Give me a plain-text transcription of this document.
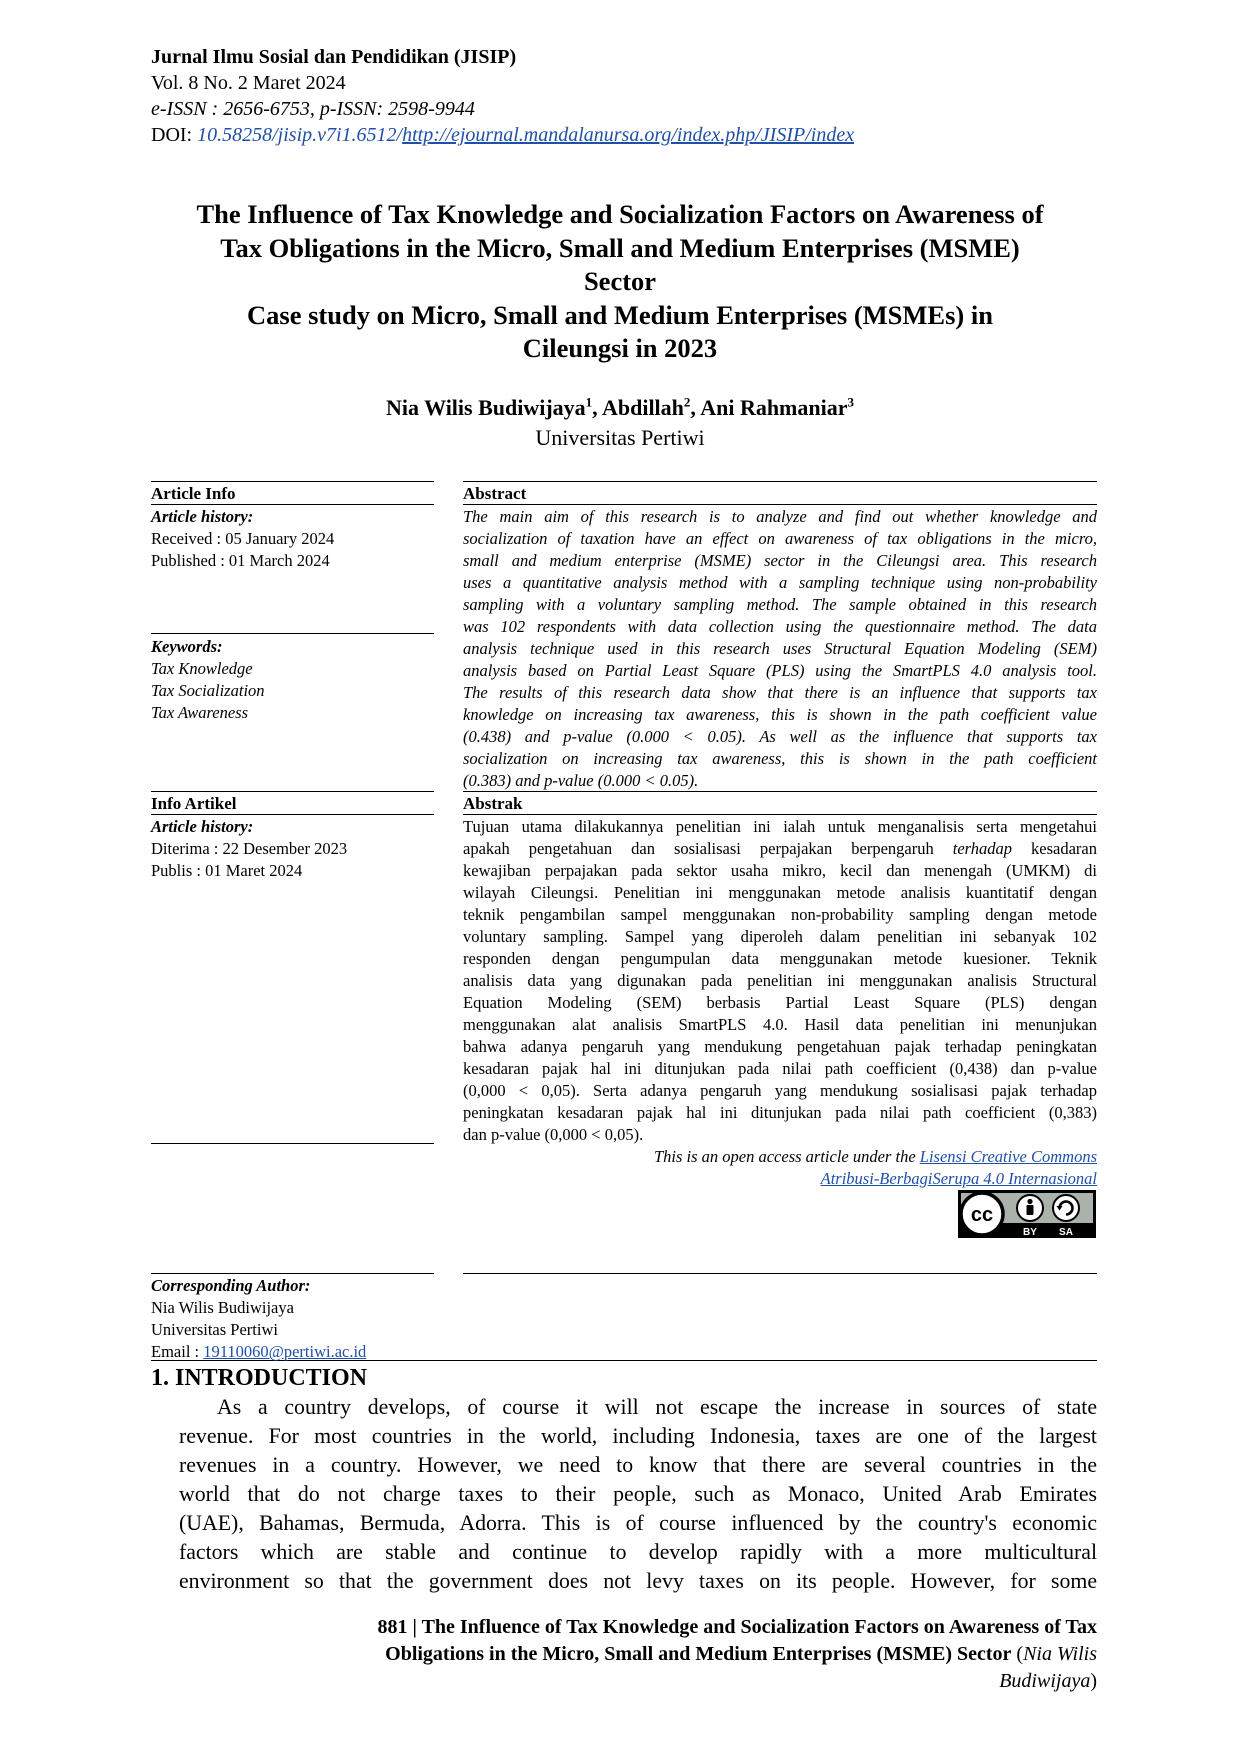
Jurnal Ilmu Sosial dan Pendidikan (JISIP)
Vol. 8 No. 2 Maret 2024
e-ISSN : 2656-6753, p-ISSN: 2598-9944
DOI: 10.58258/jisip.v7i1.6512/http://ejournal.mandalanursa.org/index.php/JISIP/index
The Influence of Tax Knowledge and Socialization Factors on Awareness of
Tax Obligations in the Micro, Small and Medium Enterprises (MSME)
Sector
Case study on Micro, Small and Medium Enterprises (MSMEs) in
Cileungsi in 2023
Nia Wilis Budiwijaya$^1$, Abdillah$^2$, Ani Rahmaniar$^3$
Universitas Pertiwi
Article Info
Article history:
Received : 05 January 2024
Published : 01 March 2024
Keywords:
Tax Knowledge
Tax Socialization
Tax Awareness
Abstract
The main aim of this research is to analyze and find out whether knowledge and
socialization of taxation have an effect on awareness of tax obligations in the micro,
small and medium enterprise (MSME) sector in the Cileungsi area. This research
uses a quantitative analysis method with a sampling technique using non-probability
sampling with a voluntary sampling method. The sample obtained in this research
was 102 respondents with data collection using the questionnaire method. The data
analysis technique used in this research uses Structural Equation Modeling (SEM)
analysis based on Partial Least Square (PLS) using the SmartPLS 4.0 analysis tool.
The results of this research data show that there is an influence that supports tax
knowledge on increasing tax awareness, this is shown in the path coefficient value
(0.438) and p-value (0.000 < 0.05). As well as the influence that supports tax
socialization on increasing tax awareness, this is shown in the path coefficient
(0.383) and p-value (0.000 < 0.05).
Info Artikel
Article history:
Diterima : 22 Desember 2023
Publis : 01 Maret 2024
Abstrak
Tujuan utama dilakukannya penelitian ini ialah untuk menganalisis serta mengetahui
apakah pengetahuan dan sosialisasi perpajakan berpengaruh terhadap kesadaran
kewajiban perpajakan pada sektor usaha mikro, kecil dan menengah (UMKM) di
wilayah Cileungsi. Penelitian ini menggunakan metode analisis kuantitatif dengan
teknik pengambilan sampel menggunakan non-probability sampling dengan metode
voluntary sampling. Sampel yang diperoleh dalam penelitian ini sebanyak 102
responden dengan pengumpulan data menggunakan metode kuesioner. Teknik
analisis data yang digunakan pada penelitian ini menggunakan analisis Structural
Equation Modeling (SEM) berbasis Partial Least Square (PLS) dengan
menggunakan alat analisis SmartPLS 4.0. Hasil data penelitian ini menunjukan
bahwa adanya pengaruh yang mendukung pengetahuan pajak terhadap peningkatan
kesadaran pajak hal ini ditunjukan pada nilai path coefficient (0,438) dan p-value
(0,000 < 0,05). Serta adanya pengaruh yang mendukung sosialisasi pajak terhadap
peningkatan kesadaran pajak hal ini ditunjukan pada nilai path coefficient (0,383)
dan p-value (0,000 < 0,05).
This is an open access article under the Lisensi Creative Commons
Atribusi-BerbagiSerupa 4.0 Internasional
cc
BY SA
Corresponding Author:
Nia Wilis Budiwijaya
Universitas Pertiwi
Email : 19110060@pertiwi.ac.id
1. INTRODUCTION
As a country develops, of course it will not escape the increase in sources of state
revenue. For most countries in the world, including Indonesia, taxes are one of the largest
revenues in a country. However, we need to know that there are several countries in the
world that do not charge taxes to their people, such as Monaco, United Arab Emirates
(UAE), Bahamas, Bermuda, Adorra. This is of course influenced by the country's economic
factors which are stable and continue to develop rapidly with a more multicultural
environment so that the government does not levy taxes on its people. However, for some
881 | The Influence of Tax Knowledge and Socialization Factors on Awareness of Tax
Obligations in the Micro, Small and Medium Enterprises (MSME) Sector (Nia Wilis
Budiwijaya)
